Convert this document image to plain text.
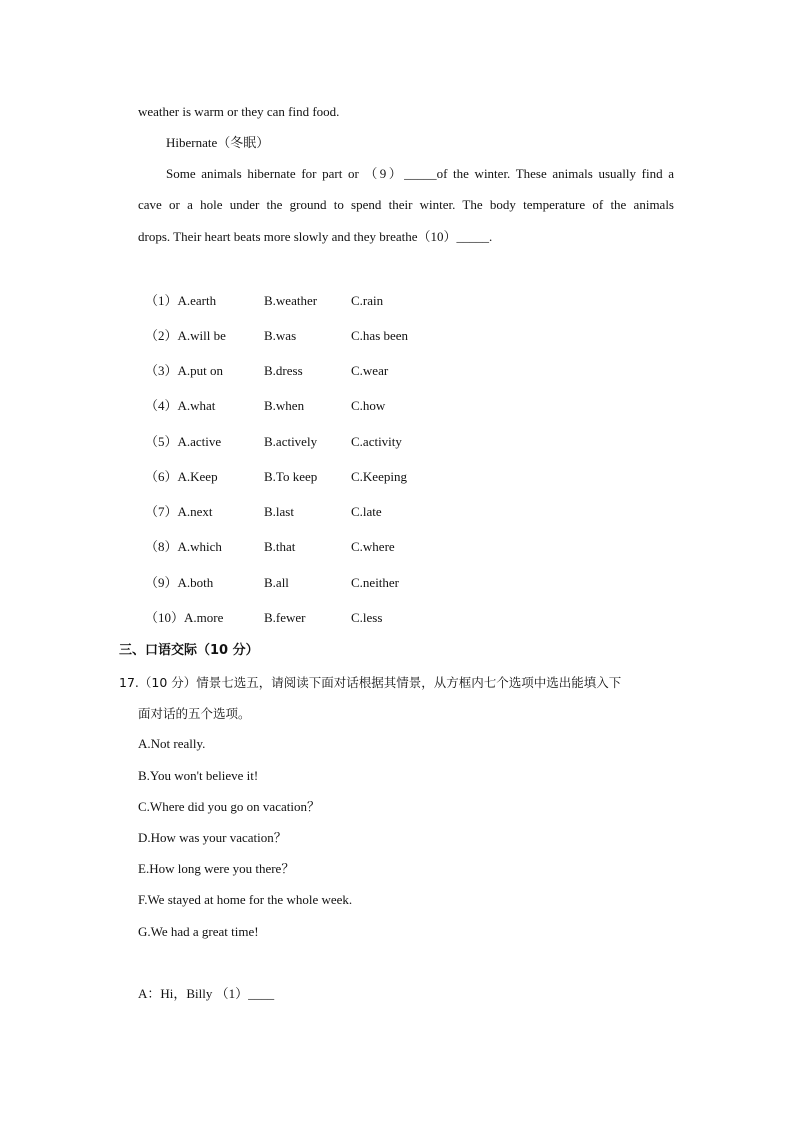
weather is warm or they can find food.
Hibernate（冬眠）
Some animals hibernate for part or （9）_____of the winter. These animals usually find a
cave or a hole under the ground to spend their winter. The body temperature of the animals
drops. Their heart beats more slowly and they breathe（10）_____.
（1）A.earth	B.weather	C.rain
（2）A.will be	B.was	C.has been
（3）A.put on	B.dress	C.wear
（4）A.what	B.when	C.how
（5）A.active	B.actively	C.activity
（6）A.Keep	B.To keep	C.Keeping
（7）A.next	B.last	C.late
（8）A.which	B.that	C.where
（9）A.both	B.all	C.neither
（10）A.more	B.fewer	C.less
三、口语交际（10 分）
17.（10 分）情景七选五，请阅读下面对话根据其情景，从方框内七个选项中选出能填入下
面对话的五个选项。
A.Not really.
B.You won't believe it!
C.Where did you go on vacation？
D.How was your vacation？
E.How long were you there？
F.We stayed at home for the whole week.
G.We had a great time!
A：Hi，Billy （1）____
